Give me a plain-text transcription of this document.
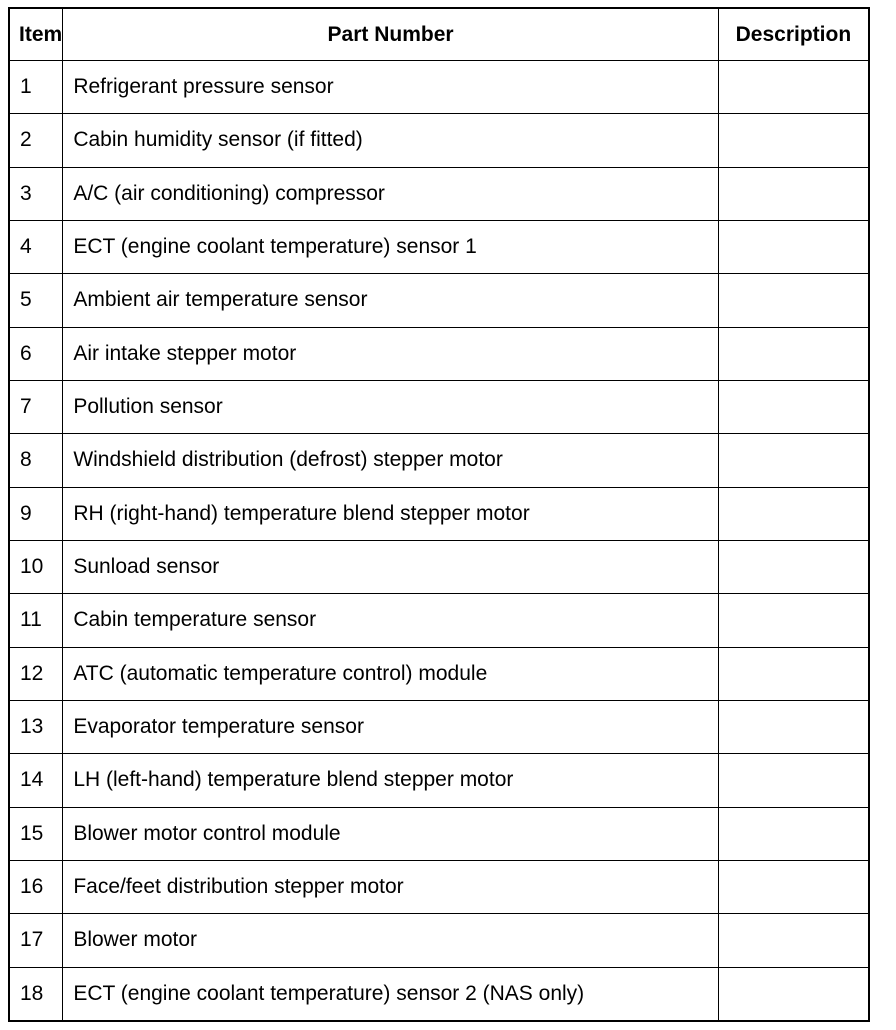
Item	Part Number	Description
1	Refrigerant pressure sensor	
2	Cabin humidity sensor (if fitted)	
3	A/C (air conditioning) compressor	
4	ECT (engine coolant temperature) sensor 1	
5	Ambient air temperature sensor	
6	Air intake stepper motor	
7	Pollution sensor	
8	Windshield distribution (defrost) stepper motor	
9	RH (right-hand) temperature blend stepper motor	
10	Sunload sensor	
11	Cabin temperature sensor	
12	ATC (automatic temperature control) module	
13	Evaporator temperature sensor	
14	LH (left-hand) temperature blend stepper motor	
15	Blower motor control module	
16	Face/feet distribution stepper motor	
17	Blower motor	
18	ECT (engine coolant temperature) sensor 2 (NAS only)	
